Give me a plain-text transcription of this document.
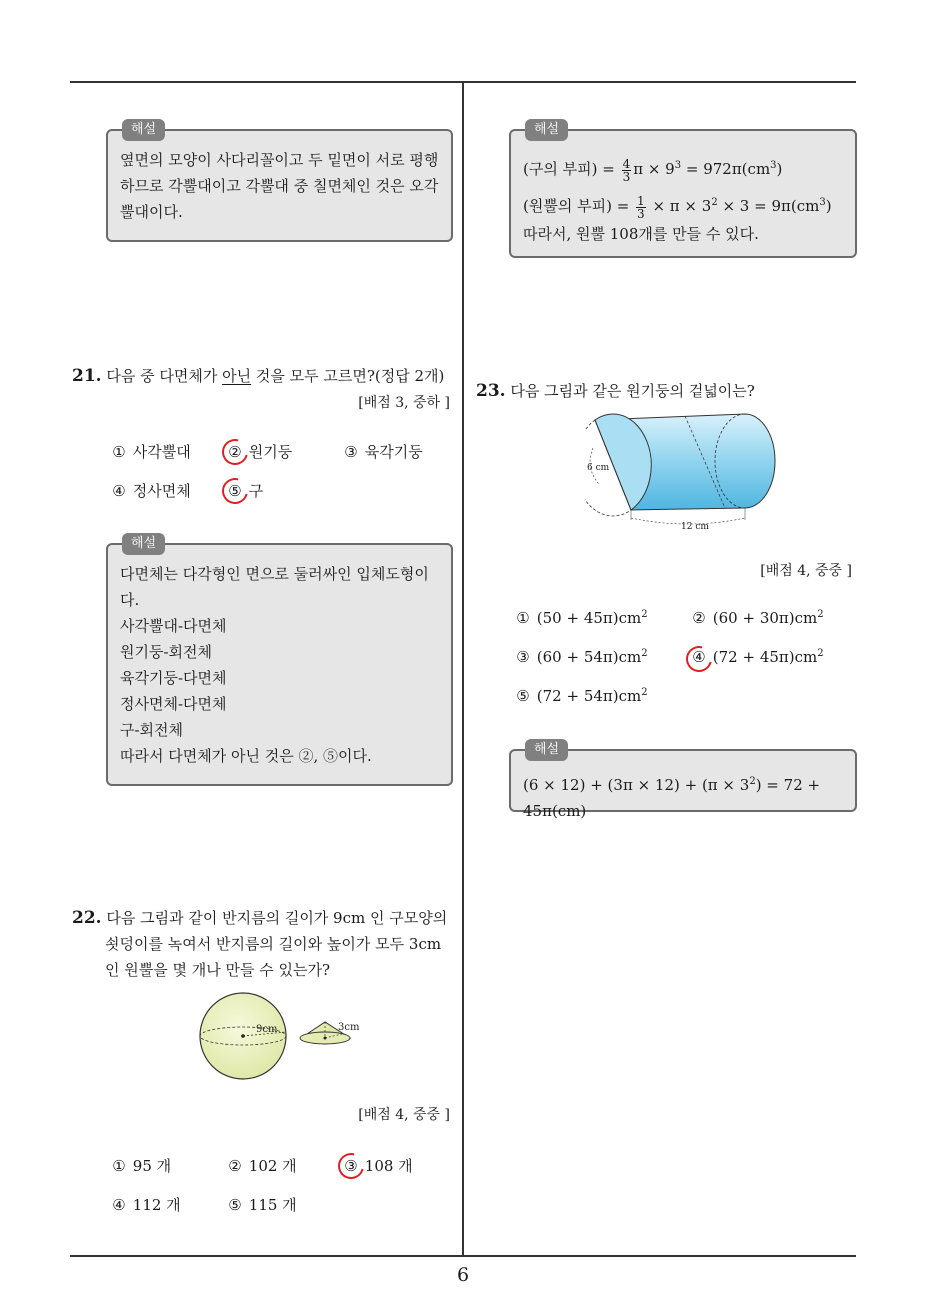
6
해설
옆면의 모양이 사다리꼴이고 두 밑면이 서로 평행
하므로 각뿔대이고 각뿔대 중 칠면체인 것은 오각
뿔대이다.
21. 다음 중 다면체가 아닌 것을 모두 고르면?(정답 2개)
[배점 3, 중하 ]
① 사각뿔대	② 원기둥	③ 육각기둥
④ 정사면체	⑤ 구
해설
다면체는 다각형인 면으로 둘러싸인 입체도형이
다.
사각뿔대-다면체
원기둥-회전체
육각기둥-다면체
정사면체-다면체
구-회전체
따라서 다면체가 아닌 것은 ②, ⑤이다.
22. 다음 그림과 같이 반지름의 길이가 9cm 인 구모양의
쇳덩이를 녹여서 반지름의 길이와 높이가 모두 3cm
인 원뿔을 몇 개나 만들 수 있는가?
9cm	3cm
[배점 4, 중중 ]
① 95 개	② 102 개	③ 108 개
④ 112 개	⑤ 115 개
해설
(구의 부피) = $\frac{4}{3}$ $\pi \times 9^3 = 972\pi(cm^3)$
(원뿔의 부피) = $\frac{1}{3} \times \pi \times 3^2 \times 3 = 9\pi(cm^3)$
따라서, 원뿔 108개를 만들 수 있다.
23. 다음 그림과 같은 원기둥의 겉넓이는?
6 cm
12 cm
[배점 4, 중중 ]
① $(50 + 45\pi)cm^2$	② $(60 + 30\pi)cm^2$
③ $(60 + 54\pi)cm^2$	④ $(72 + 45\pi)cm^2$
⑤ $(72 + 54\pi)cm^2$
해설
$(6 \times 12) + (3\pi \times 12) + (\pi \times 3^2) = 72 + 45\pi(cm)$
